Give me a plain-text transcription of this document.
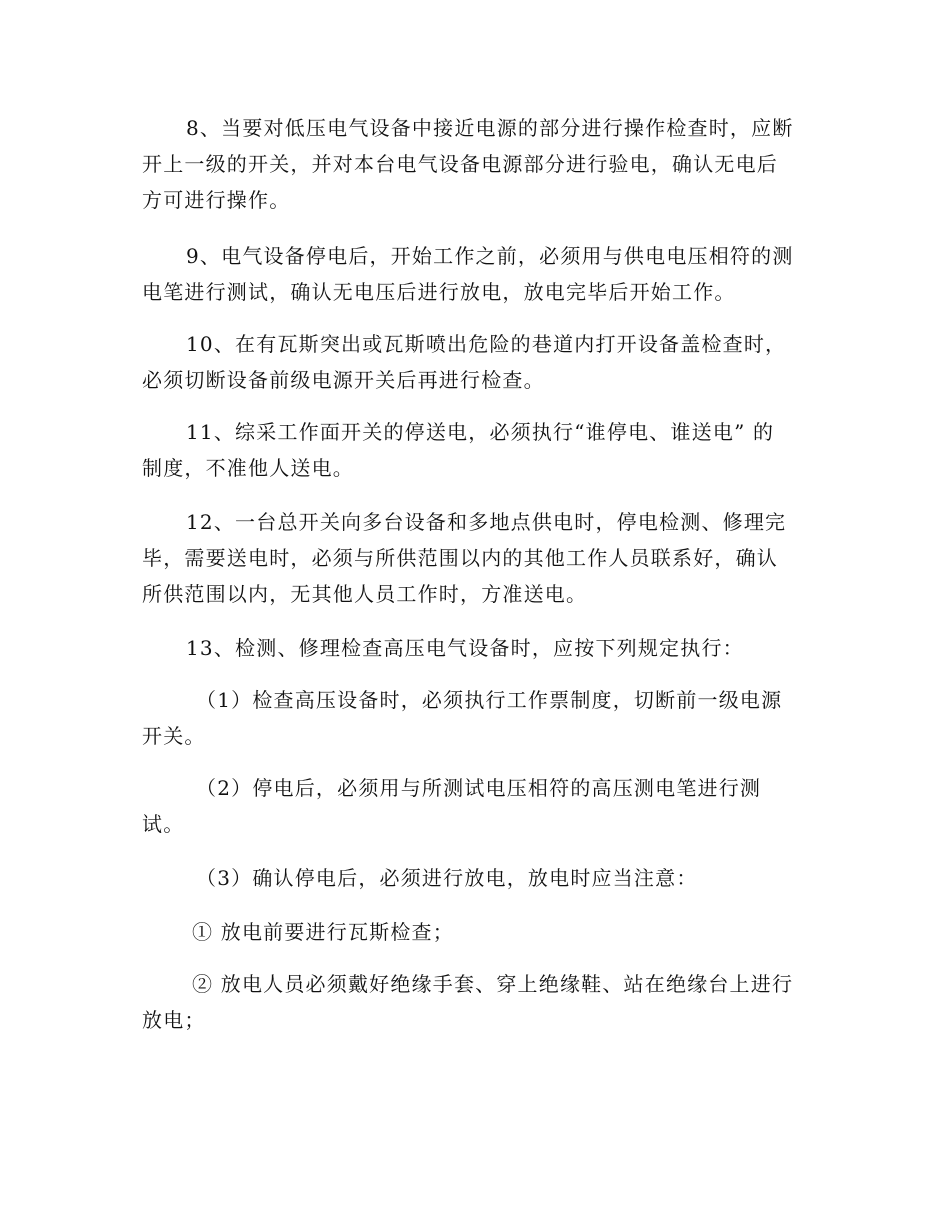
8、当要对低压电气设备中接近电源的部分进行操作检查时，应断
开上一级的开关，并对本台电气设备电源部分进行验电，确认无电后
方可进行操作。
9、电气设备停电后，开始工作之前，必须用与供电电压相符的测
电笔进行测试，确认无电压后进行放电，放电完毕后开始工作。
10、在有瓦斯突出或瓦斯喷出危险的巷道内打开设备盖检查时，
必须切断设备前级电源开关后再进行检查。
11、综采工作面开关的停送电，必须执行“谁停电、谁送电” 的
制度，不准他人送电。
12、一台总开关向多台设备和多地点供电时，停电检测、修理完
毕，需要送电时，必须与所供范围以内的其他工作人员联系好，确认
所供范围以内，无其他人员工作时，方准送电。
13、检测、修理检查高压电气设备时，应按下列规定执行：
（1）检查高压设备时，必须执行工作票制度，切断前一级电源
开关。
（2）停电后，必须用与所测试电压相符的高压测电笔进行测
试。
（3）确认停电后，必须进行放电，放电时应当注意：
① 放电前要进行瓦斯检查；
② 放电人员必须戴好绝缘手套、穿上绝缘鞋、站在绝缘台上进行
放电；
